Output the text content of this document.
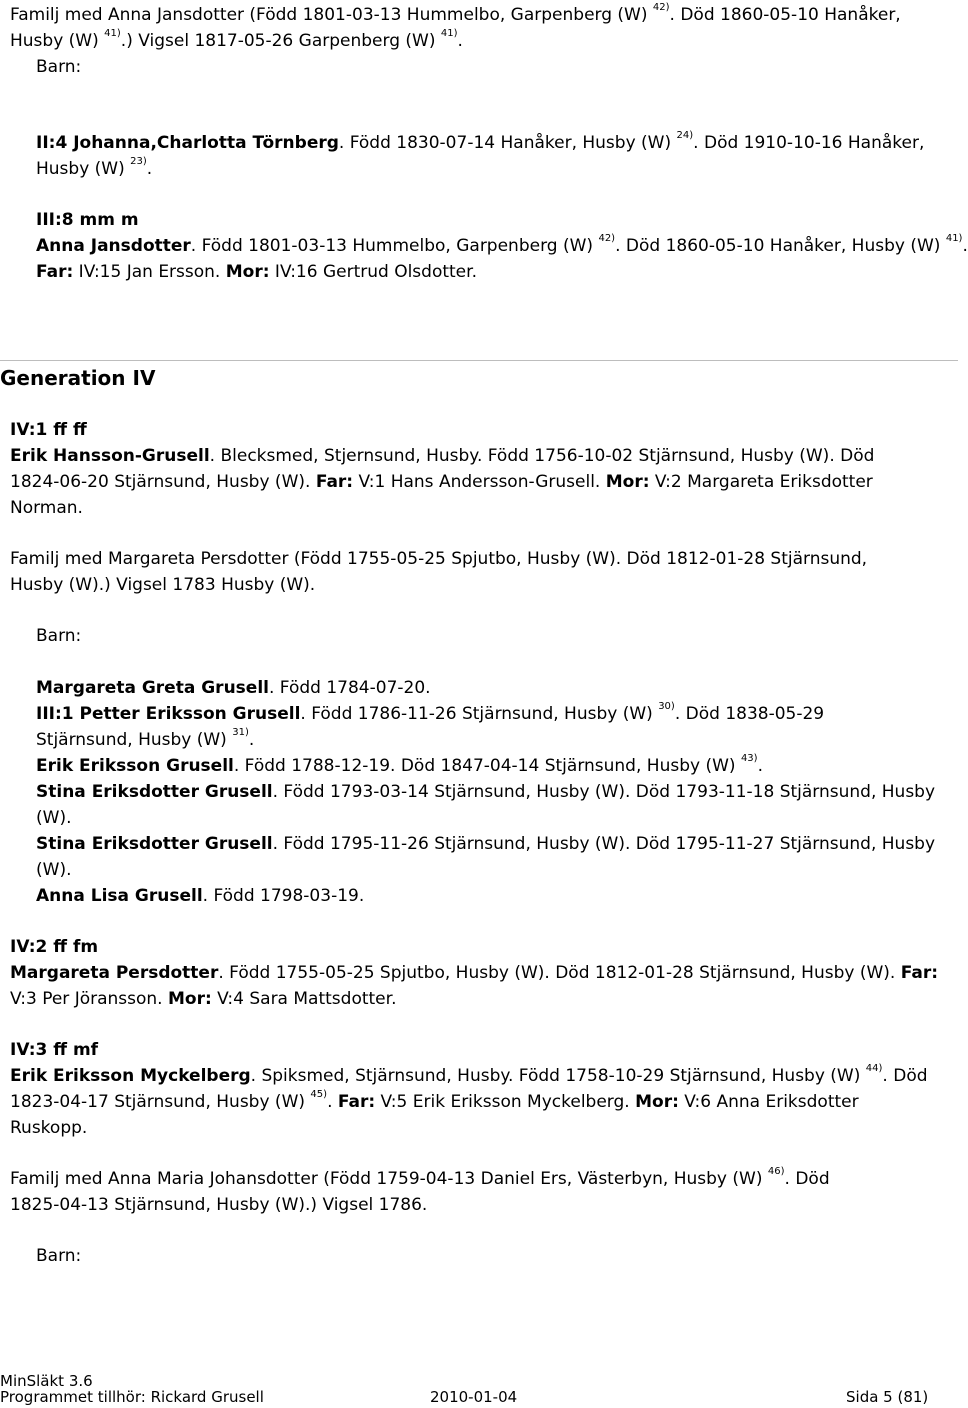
Familj med Anna Jansdotter (Född 1801-03-13 Hummelbo, Garpenberg (W) $^{42)}$. Död 1860-05-10 Hanåker,
Husby (W) $^{41)}$.) Vigsel 1817-05-26 Garpenberg (W) $^{41)}$.
Barn:
II:4 Johanna,Charlotta Törnberg. Född 1830-07-14 Hanåker, Husby (W) $^{24)}$. Död 1910-10-16 Hanåker,
Husby (W) $^{23)}$.
III:8 mm m
Anna Jansdotter. Född 1801-03-13 Hummelbo, Garpenberg (W) $^{42)}$. Död 1860-05-10 Hanåker, Husby (W) $^{41)}$.
Far: IV:15 Jan Ersson. Mor: IV:16 Gertrud Olsdotter.
Generation IV
IV:1 ff ff
Erik Hansson-Grusell. Blecksmed, Stjernsund, Husby. Född 1756-10-02 Stjärnsund, Husby (W). Död
1824-06-20 Stjärnsund, Husby (W). Far: V:1 Hans Andersson-Grusell. Mor: V:2 Margareta Eriksdotter
Norman.
Familj med Margareta Persdotter (Född 1755-05-25 Spjutbo, Husby (W). Död 1812-01-28 Stjärnsund,
Husby (W).) Vigsel 1783 Husby (W).
Barn:
Margareta Greta Grusell. Född 1784-07-20.
III:1 Petter Eriksson Grusell. Född 1786-11-26 Stjärnsund, Husby (W) $^{30)}$. Död 1838-05-29
Stjärnsund, Husby (W) $^{31)}$.
Erik Eriksson Grusell. Född 1788-12-19. Död 1847-04-14 Stjärnsund, Husby (W) $^{43)}$.
Stina Eriksdotter Grusell. Född 1793-03-14 Stjärnsund, Husby (W). Död 1793-11-18 Stjärnsund, Husby
(W).
Stina Eriksdotter Grusell. Född 1795-11-26 Stjärnsund, Husby (W). Död 1795-11-27 Stjärnsund, Husby
(W).
Anna Lisa Grusell. Född 1798-03-19.
IV:2 ff fm
Margareta Persdotter. Född 1755-05-25 Spjutbo, Husby (W). Död 1812-01-28 Stjärnsund, Husby (W). Far:
V:3 Per Jöransson. Mor: V:4 Sara Mattsdotter.
IV:3 ff mf
Erik Eriksson Myckelberg. Spiksmed, Stjärnsund, Husby. Född 1758-10-29 Stjärnsund, Husby (W) $^{44)}$. Död
1823-04-17 Stjärnsund, Husby (W) $^{45)}$. Far: V:5 Erik Eriksson Myckelberg. Mor: V:6 Anna Eriksdotter
Ruskopp.
Familj med Anna Maria Johansdotter (Född 1759-04-13 Daniel Ers, Västerbyn, Husby (W) $^{46)}$. Död
1825-04-13 Stjärnsund, Husby (W).) Vigsel 1786.
Barn:
MinSläkt 3.6
Programmet tillhör: Rickard Grusell	2010-01-04	Sida 5 (81)
